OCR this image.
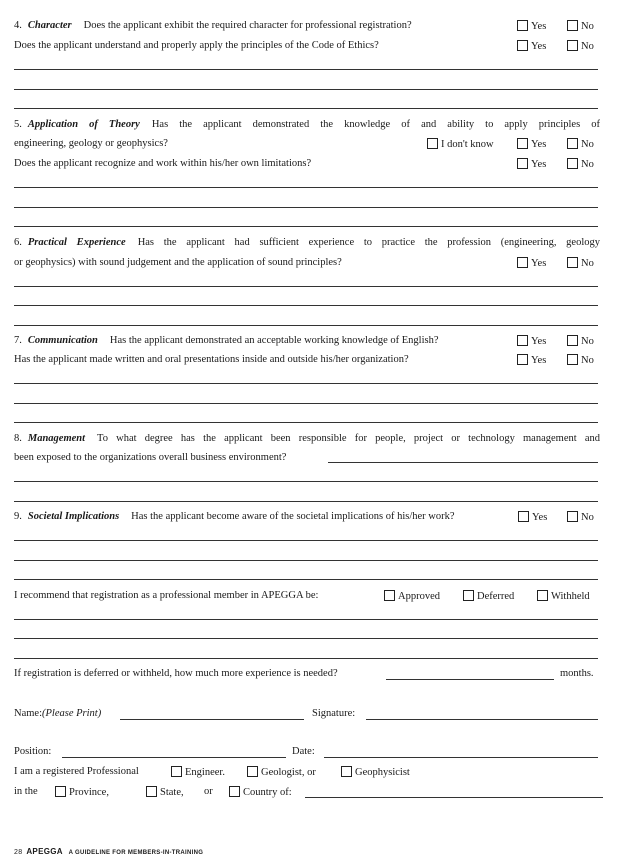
4. Character Does the applicant exhibit the required character for professional registration?	Yes	No
Does the applicant understand and properly apply the principles of the Code of Ethics?	Yes	No
5. Application of Theory Has the applicant demonstrated the knowledge of and ability to apply principles of
engineering, geology or geophysics?	I don't know	Yes	No
Does the applicant recognize and work within his/her own limitations?	Yes	No
6. Practical Experience Has the applicant had sufficient experience to practice the profession (engineering, geology
or geophysics) with sound judgement and the application of sound principles?	Yes	No
7. Communication Has the applicant demonstrated an acceptable working knowledge of English?	Yes	No
Has the applicant made written and oral presentations inside and outside his/her organization?	Yes	No
8. Management To what degree has the applicant been responsible for people, project or technology management and
been exposed to the organizations overall business environment?
9. Societal Implications Has the applicant become aware of the societal implications of his/her work?	Yes	No
I recommend that registration as a professional member in APEGGA be:	Approved	Deferred	Withheld
If registration is deferred or withheld, how much more experience is needed?	months.
Name:(Please Print)	Signature:
Position:	Date:
I am a registered Professional	Engineer.	Geologist, or	Geophysicist
in the	Province,	State, or	Country of:
28 APEGGA A GUIDELINE FOR MEMBERS-IN-TRAINING
